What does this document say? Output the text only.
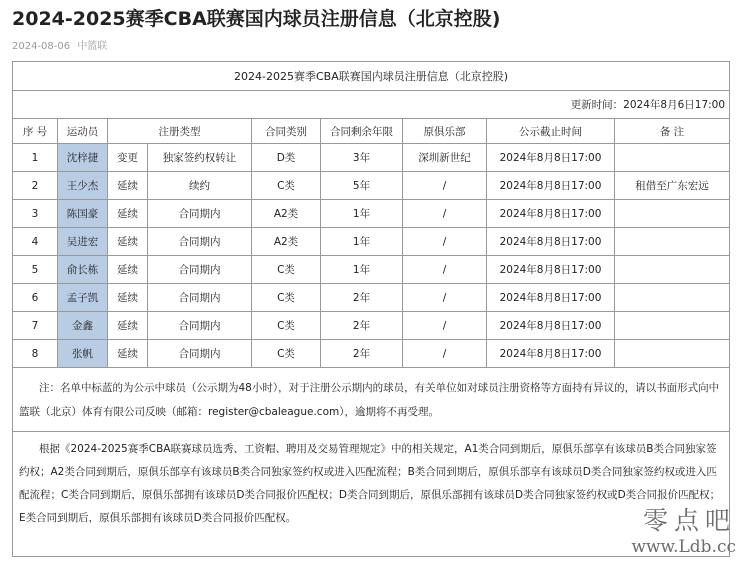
2024-2025赛季CBA联赛国内球员注册信息（北京控股)
2024-08-06 中篮联
2024-2025赛季CBA联赛国内球员注册信息（北京控股)								
更新时间：2024年8月6日17:00								
序 号	运动员	注册类型		合同类别	合同剩余年限	原俱乐部	公示截止时间	备 注
1	沈梓捷	变更	独家签约权转让	D类	3年	深圳新世纪	2024年8月8日17:00	
2	王少杰	延续	续约	C类	5年	/	2024年8月8日17:00	租借至广东宏远
3	陈国豪	延续	合同期内	A2类	1年	/	2024年8月8日17:00	
4	吴进宏	延续	合同期内	A2类	1年	/	2024年8月8日17:00	
5	俞长栋	延续	合同期内	C类	1年	/	2024年8月8日17:00	
6	孟子凯	延续	合同期内	C类	2年	/	2024年8月8日17:00	
7	金鑫	延续	合同期内	C类	2年	/	2024年8月8日17:00	
8	张帆	延续	合同期内	C类	2年	/	2024年8月8日17:00	
注：名单中标蓝的为公示中球员（公示期为48小时），对于注册公示期内的球员，有关单位如对球员注册资格等方面持有异议的，请以书面形式向中篮联（北京）体育有限公司反映（邮箱：register@cbaleague.com），逾期将不再受理。								
根据《2024-2025赛季CBA联赛球员选秀、工资帽、聘用及交易管理规定》中的相关规定，A1类合同到期后，原俱乐部享有该球员B类合同独家签约权；A2类合同到期后，原俱乐部享有该球员B类合同独家签约权或进入匹配流程；B类合同到期后，原俱乐部享有该球员D类合同独家签约权或进入匹配流程；C类合同到期后，原俱乐部拥有该球员D类合同报价匹配权；D类合同到期后，原俱乐部拥有该球员D类合同独家签约权或D类合同报价匹配权；E类合同到期后，原俱乐部拥有该球员D类合同报价匹配权。									零点吧
www.Ldb.cc
